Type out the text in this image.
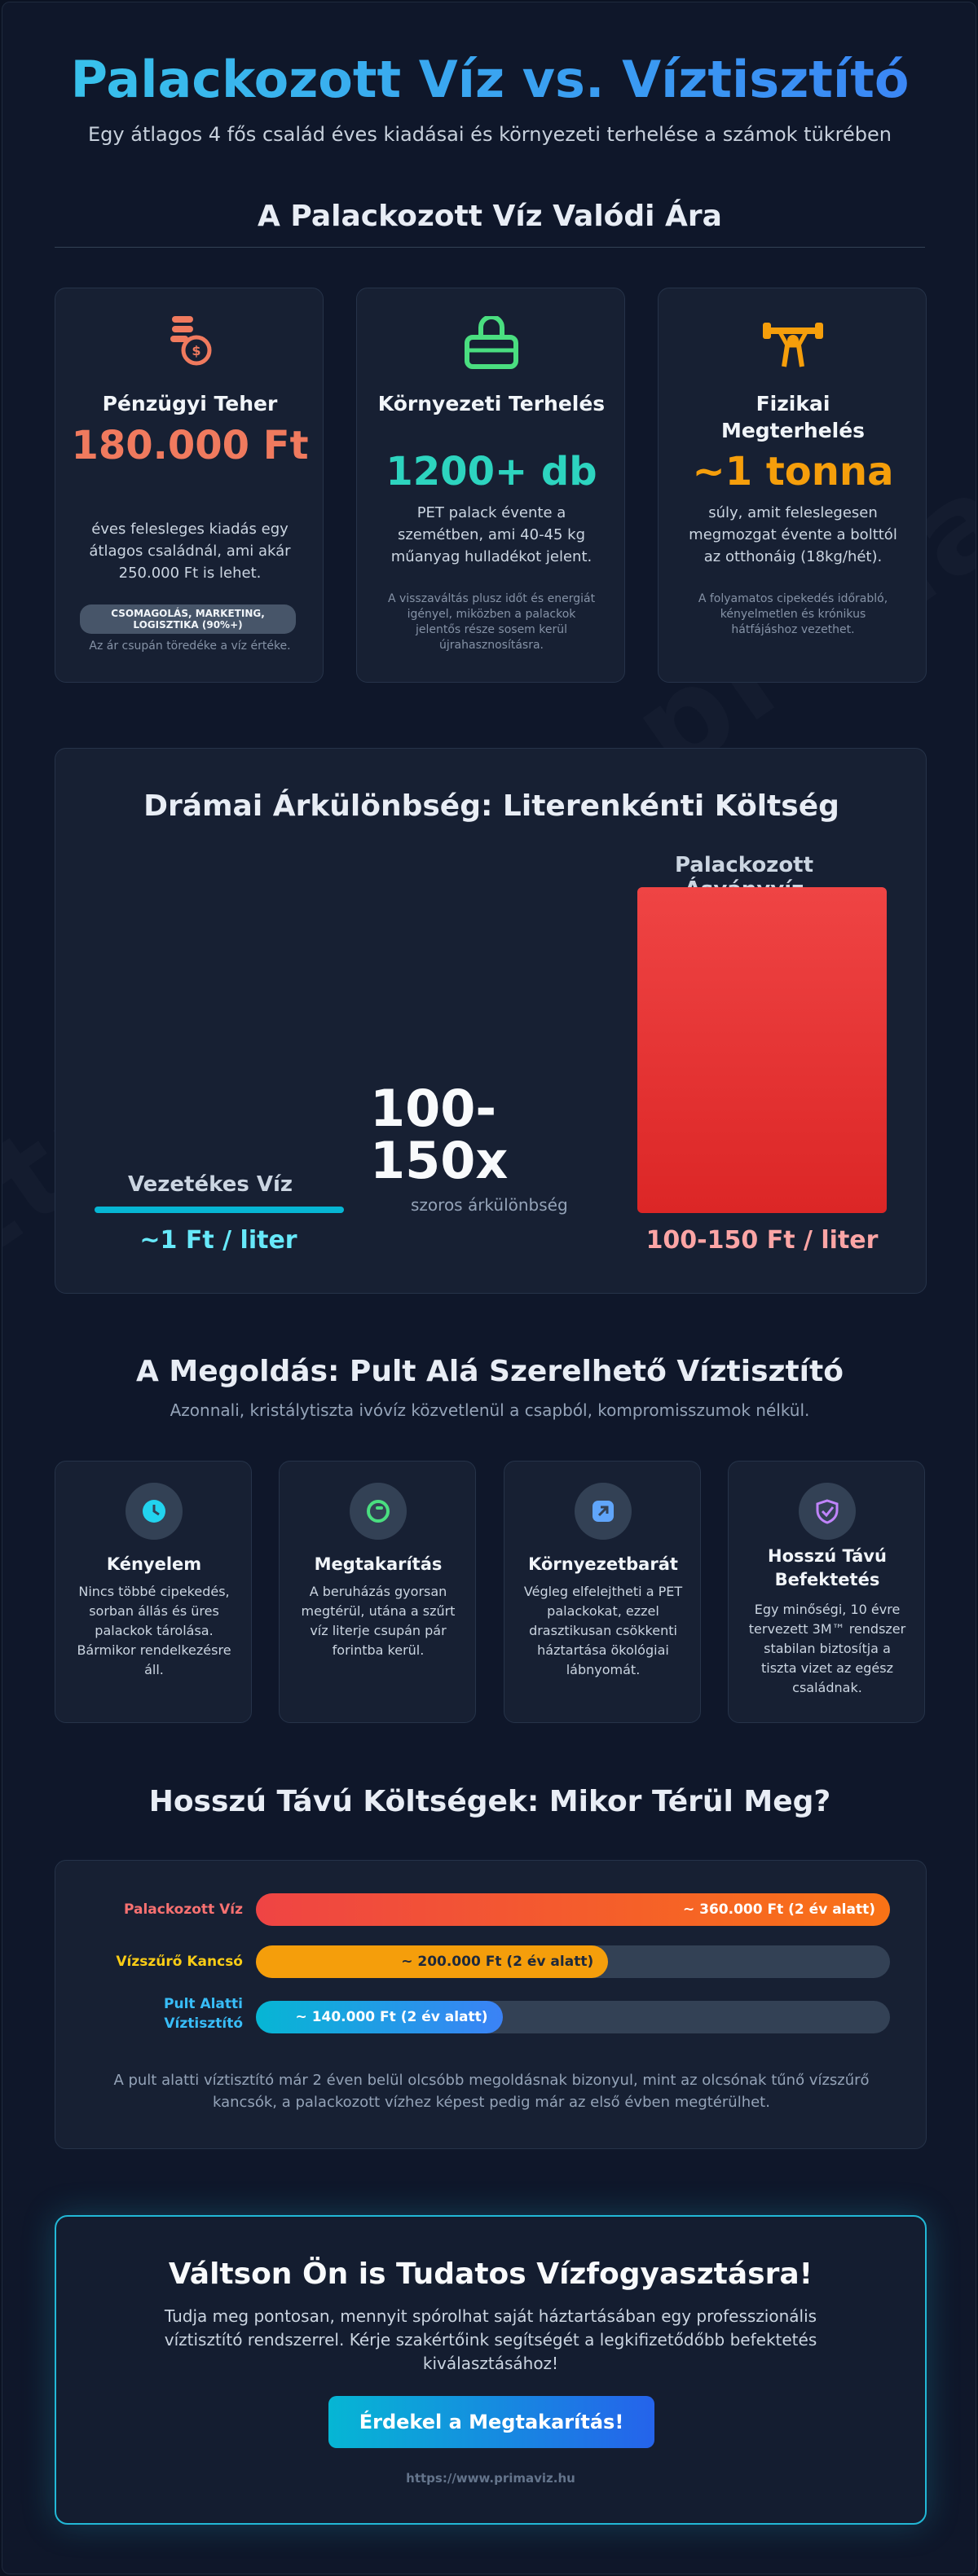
Palackozott Víz vs. Víztisztító
Egy átlagos 4 fős család éves kiadásai és környezeti terhelése a számok tükrében
A Palackozott Víz Valódi Ára
$
Pénzügyi Teher
180.000 Ft
éves felesleges kiadás egy átlagos családnál, ami akár 250.000 Ft is lehet.
CSOMAGOLÁS, MARKETING, LOGISZTIKA (90%+)
Az ár csupán töredéke a víz értéke.
Környezeti Terhelés
1200+ db
PET palack évente a szemétben, ami 40-45 kg műanyag hulladékot jelent.
A visszaváltás plusz időt és energiát igényel, miközben a palackok jelentős része sosem kerül újrahasznosításra.
Fizikai Megterhelés
~1 tonna
súly, amit feleslegesen megmozgat évente a bolttól az otthonáig (18kg/hét).
A folyamatos cipekedés időrabló, kényelmetlen és krónikus hátfájáshoz vezethet.
Drámai Árkülönbség: Literenkénti Költség
Palackozott
100-150 Ft / liter
Vezetékes Víz
~1 Ft / liter
100-150x
szoros árkülönbség
A Megoldás: Pult Alá Szerelhető Víztisztító
Azonnali, kristálytiszta ivóvíz közvetlenül a csapból, kompromisszumok nélkül.
Kényelem
Nincs többé cipekedés, sorban állás és üres palackok tárolása. Bármikor rendelkezésre áll.
Megtakarítás
A beruházás gyorsan megtérül, utána a szűrt víz literje csupán pár forintba kerül.
Környezetbarát
Végleg elfelejtheti a PET palackokat, ezzel drasztikusan csökkenti háztartása ökológiai lábnyomát.
Hosszú Távú Befektetés
Egy minőségi, 10 évre tervezett 3M™ rendszer stabilan biztosítja a tiszta vizet az egész családnak.
Hosszú Távú Költségek: Mikor Térül Meg?
Palackozott Víz	~ 360.000 Ft (2 év alatt)
Vízszűrő Kancsó	~ 200.000 Ft (2 év alatt)
Pult Alatti Víztisztító	~ 140.000 Ft (2 év alatt)
A pult alatti víztisztító már 2 éven belül olcsóbb megoldásnak bizonyul, mint az olcsónak tűnő vízszűrő kancsók, a palackozott vízhez képest pedig már az első évben megtérülhet.
Váltson Ön is Tudatos Vízfogyasztásra!
Tudja meg pontosan, mennyit spórolhat saját háztartásában egy professzionális víztisztító rendszerrel. Kérje szakértőink segítségét a legkifizetődőbb befektetés kiválasztásához!
Érdekel a Megtakarítás!
https://www.primaviz.hu
